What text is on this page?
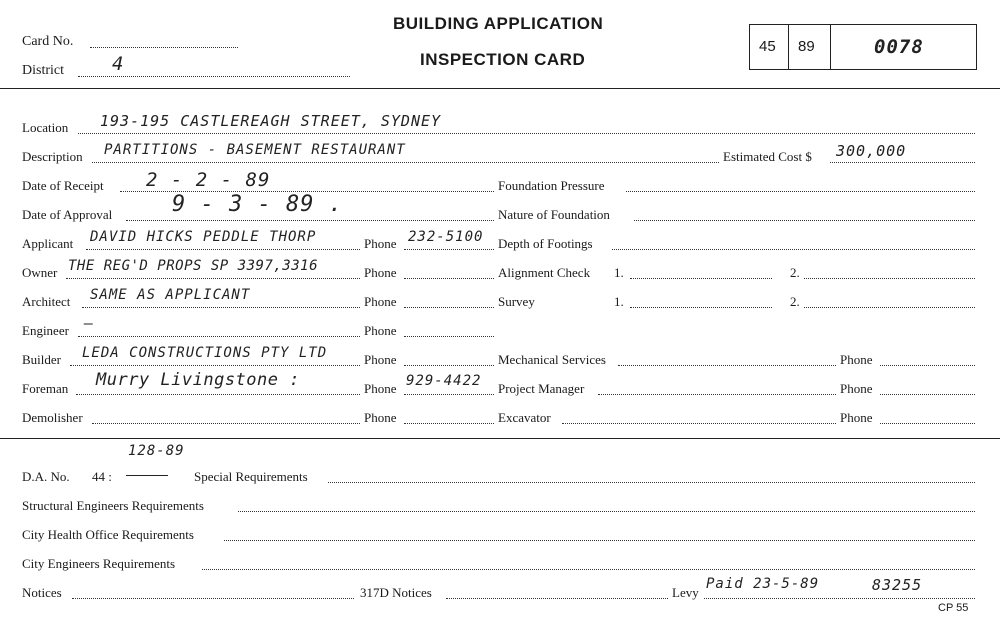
Card No.
District	4
BUILDING APPLICATION
INSPECTION CARD
45 89	0078
Location 193-195 CASTLEREAGH STREET, SYDNEY
Description PARTITIONS - BASEMENT RESTAURANT	Estimated Cost $ 300,000
Date of Receipt 2 - 2 - 89
Date of Approval	9 - 3 - 89 .
Applicant DAVID HICKS PEDDLE THORP	Phone 232-5100
Owner THE REG'D PROPS SP 3397,3316	Phone
Architect SAME AS APPLICANT	Phone
Engineer –	Phone
Builder LEDA CONSTRUCTIONS PTY LTD	Phone
Foreman Murry Livingstone :	Phone 929-4422
Demolisher	Phone
Foundation Pressure
Nature of Foundation
Depth of Footings
Alignment Check 1.	2.
Survey	1.	2.
Mechanical Services	Phone
Project Manager	Phone
Excavator	Phone
D.A. No. 44 :
128-89
Special Requirements
Structural Engineers Requirements
City Health Office Requirements
City Engineers Requirements
Notices	317D Notices	Levy
Paid 23-5-89	83255
CP 55
